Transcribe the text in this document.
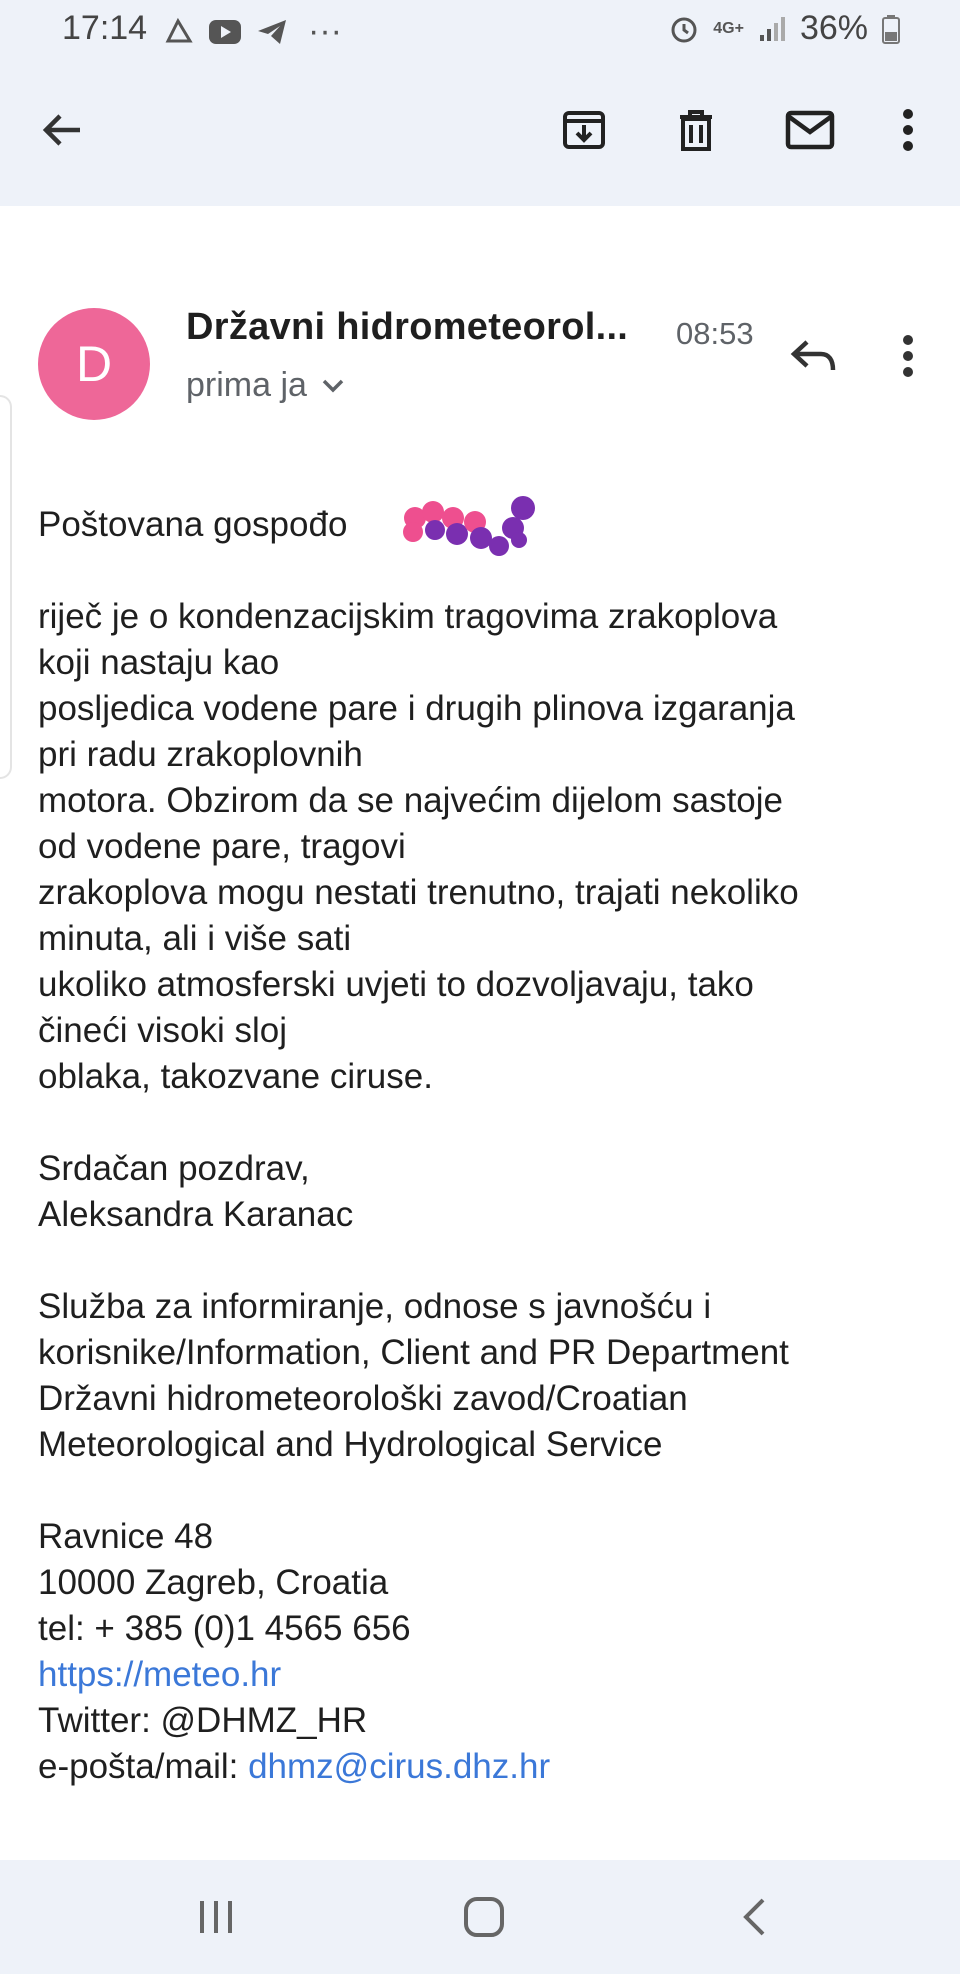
17:14	···	4G+ 36%
D
Državni hidrometeorol... 08:53
prima ja

Poštovana gospođo

riječ je o kondenzacijskim tragovima zrakoplova

koji nastaju kao

posljedica vodene pare i drugih plinova izgaranja

pri radu zrakoplovnih

motora. Obzirom da se najvećim dijelom sastoje

od vodene pare, tragovi

zrakoplova mogu nestati trenutno, trajati nekoliko

minuta, ali i više sati

ukoliko atmosferski uvjeti to dozvoljavaju, tako

čineći visoki sloj

oblaka, takozvane ciruse.

Srdačan pozdrav,

Aleksandra Karanac

Služba za informiranje, odnose s javnošću i

korisnike/Information, Client and PR Department

Državni hidrometeorološki zavod/Croatian

Meteorological and Hydrological Service

Ravnice 48

10000 Zagreb, Croatia

tel: + 385 (0)1 4565 656

https://meteo.hr

Twitter: @DHMZ_HR

e-pošta/mail: dhmz@cirus.dhz.hr
